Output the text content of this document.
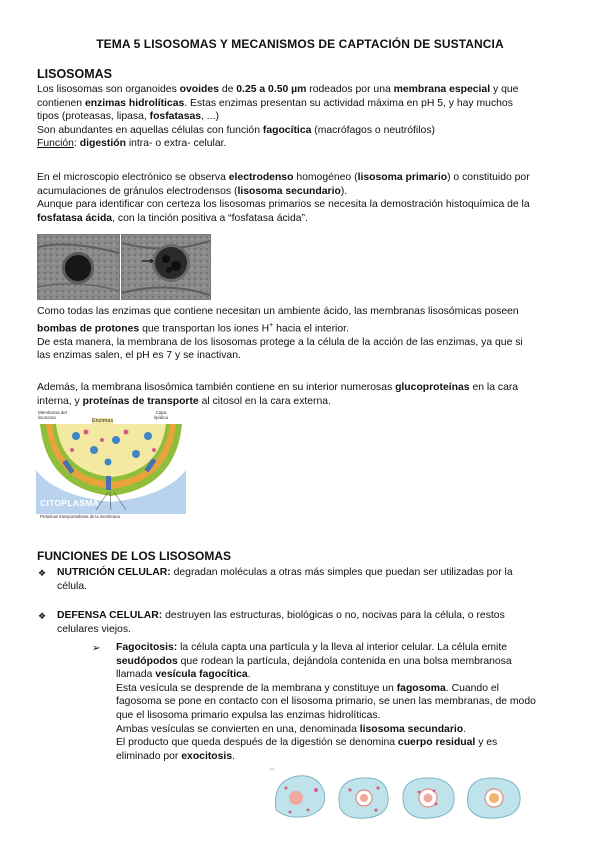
TEMA 5 LISOSOMAS Y MECANISMOS DE CAPTACIÓN DE SUSTANCIA
LISOSOMAS
Los lisosomas son organoides ovoides de 0.25 a 0.50 µm rodeados por una membrana especial y que
contienen enzimas hidrolíticas. Estas enzimas presentan su actividad máxima en pH 5, y hay muchos
tipos (proteasas, lipasa, fosfatasas, ...)
Son abundantes en aquellas células con función fagocítica (macrófagos o neutrófilos)
Función: digestión intra- o extra- celular.
En el microscopio electrónico se observa electrodenso homogéneo (lisosoma primario) o constituido por
acumulaciones de gránulos electrodensos (lisosoma secundario).
Aunque para identificar con certeza los lisosomas primarios se necesita la demostración histoquímica de la
fosfatasa ácida, con la tinción positiva a “fosfatasa ácida”.
Como todas las enzimas que contiene necesitan un ambiente ácido, las membranas lisosómicas poseen
bombas de protones que transportan los iones H+ hacia el interior.
De esta manera, la membrana de los lisosomas protege a la célula de la acción de las enzimas, ya que si
las enzimas salen, el pH es 7 y se inactivan.
Además, la membrana lisosómica también contiene en su interior numerosas glucoproteínas en la cara
interna, y proteínas de transporte al citosol en la cara externa.
Membrana del
lisosoma
Enzimas
Capa
lipídica
CITOPLASMA
Proteínas transportadoras de la membrana
FUNCIONES DE LOS LISOSOMAS
❖ NUTRICIÓN CELULAR: degradan moléculas a otras más simples que puedan ser utilizadas por la
célula.
❖ DEFENSA CELULAR: destruyen las estructuras, biológicas o no, nocivas para la célula, o restos
celulares viejos.
➢ Fagocitosis: la célula capta una partícula y la lleva al interior celular. La célula emite
seudópodos que rodean la partícula, dejándola contenida en una bolsa membranosa
llamada vesícula fagocítica.
Esta vesícula se desprende de la membrana y constituye un fagosoma. Cuando el
fagosoma se pone en contacto con el lisosoma primario, se unen las membranas, de modo
que el lisosoma primario expulsa las enzimas hidrolíticas.
Ambas vesículas se convierten en una, denominada lisosoma secundario.
El producto que queda después de la digestión se denomina cuerpo residual y es
eliminado por exocitosis.
°°
